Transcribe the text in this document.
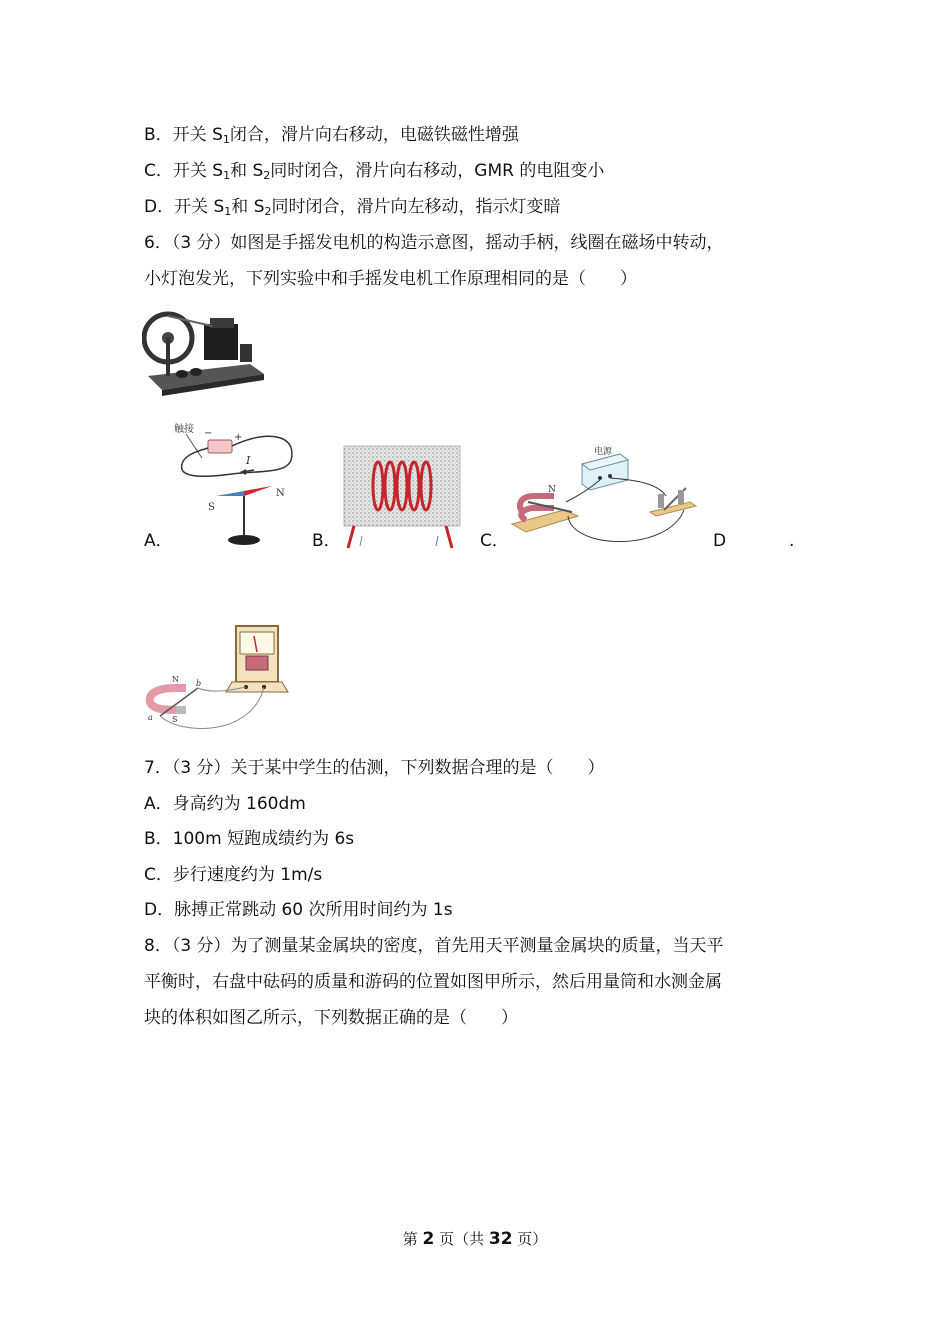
B．开关 $S_1$闭合，滑片向右移动，电磁铁磁性增强
C．开关 $S_1$和 $S_2$同时闭合，滑片向右移动，GMR 的电阻变小
D．开关 $S_1$和 $S_2$同时闭合，滑片向左移动，指示灯变暗
6．（3 分）如图是手摇发电机的构造示意图，摇动手柄，线圈在磁场中转动，
小灯泡发光，下列实验中和手摇发电机工作原理相同的是（　　）
触接 − +
I
S
N
A．	B．
电源
N
C．	D	.
N
S
a
b
7．（3 分）关于某中学生的估测，下列数据合理的是（　　）
A．身高约为 160dm
B．100m 短跑成绩约为 6s
C．步行速度约为 1m/s
D．脉搏正常跳动 60 次所用时间约为 1s
8．（3 分）为了测量某金属块的密度，首先用天平测量金属块的质量，当天平
平衡时，右盘中砝码的质量和游码的位置如图甲所示，然后用量筒和水测金属
块的体积如图乙所示，下列数据正确的是（　　）
第 2 页（共 32 页）
